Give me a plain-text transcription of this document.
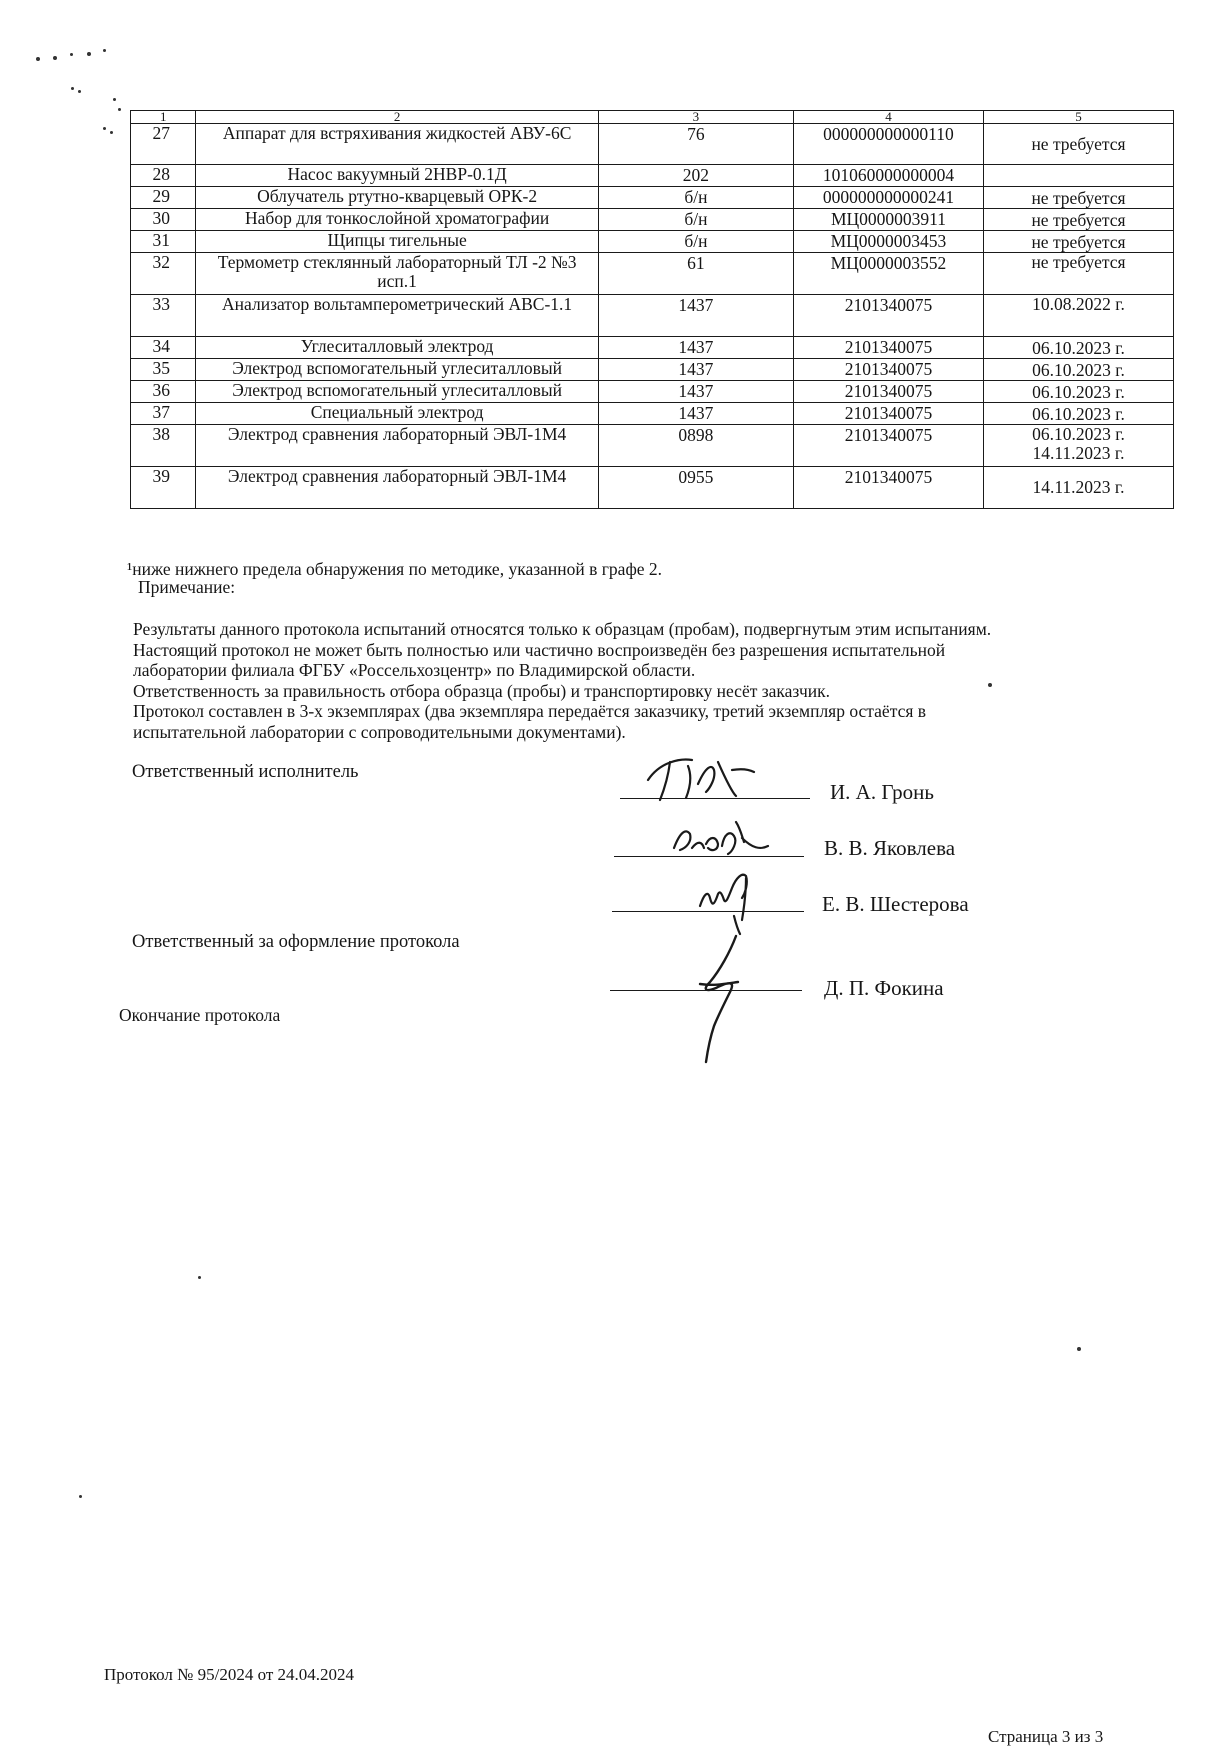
1	2	3	4	5
27	Аппарат для встряхивания жидкостей АВУ-6С	76	000000000000110	не требуется
28	Насос вакуумный 2НВР-0.1Д	202	101060000000004	
29	Облучатель ртутно-кварцевый ОРК-2	б/н	000000000000241	не требуется
30	Набор для тонкослойной хроматографии	б/н	МЦ0000003911	не требуется
31	Щипцы тигельные	б/н	МЦ0000003453	не требуется
32	Термометр стеклянный лабораторный ТЛ -2 №3 исп.1	61	МЦ0000003552	не требуется
33	Анализатор вольтамперометрический АВС-1.1	1437	2101340075	10.08.2022 г.
34	Углеситалловый электрод	1437	2101340075	06.10.2023 г.
35	Электрод вспомогательный углеситалловый	1437	2101340075	06.10.2023 г.
36	Электрод вспомогательный углеситалловый	1437	2101340075	06.10.2023 г.
37	Специальный электрод	1437	2101340075	06.10.2023 г.
38	Электрод сравнения лабораторный ЭВЛ-1М4	0898	2101340075	06.10.2023 г.
14.11.2023 г.

39	Электрод сравнения лабораторный ЭВЛ-1М4	0955	2101340075	14.11.2023 г.
¹ниже нижнего предела обнаружения по методике, указанной в графе 2.
Примечание:
Результаты данного протокола испытаний относятся только к образцам (пробам), подвергнутым этим испытаниям.
Настоящий протокол не может быть полностью или частично воспроизведён без разрешения испытательной
лаборатории филиала ФГБУ «Россельхозцентр» по Владимирской области.
Ответственность за правильность отбора образца (пробы) и транспортировку несёт заказчик.
Протокол составлен в 3-х экземплярах (два экземпляра передаётся заказчику, третий экземпляр остаётся в
испытательной лаборатории с сопроводительными документами).
Ответственный исполнитель
Ответственный за оформление протокола
Окончание протокола
И. А. Гронь
В. В. Яковлева
Е. В. Шестерова
Д. П. Фокина
Протокол № 95/2024 от 24.04.2024
Страница 3 из 3
